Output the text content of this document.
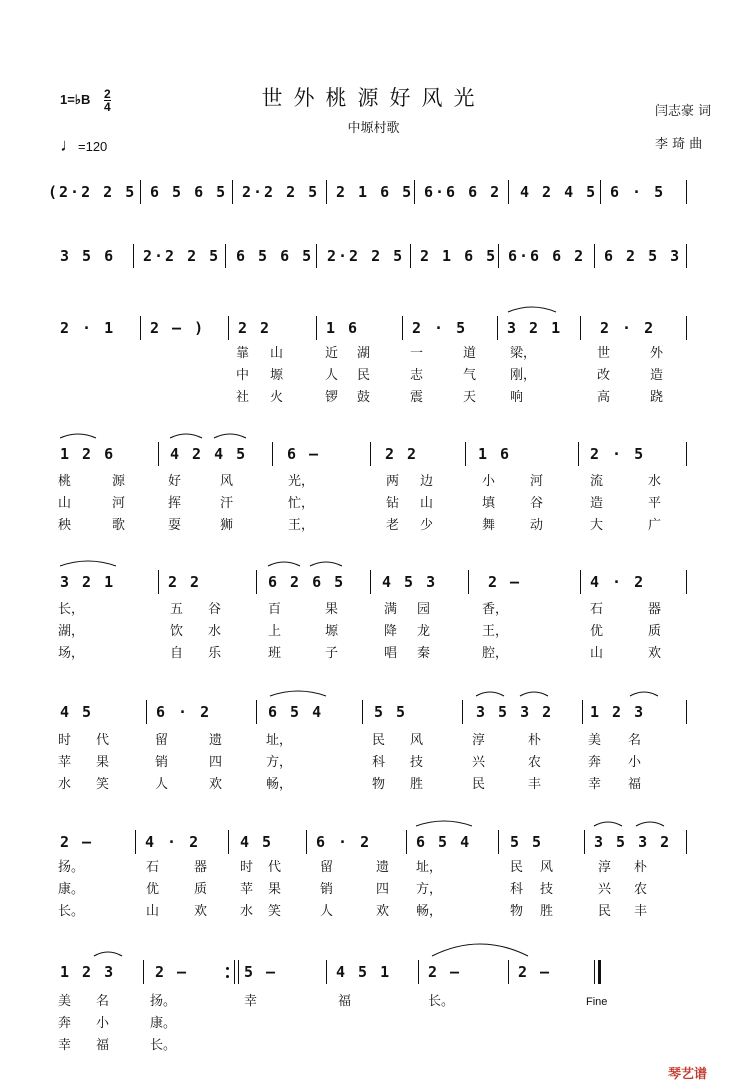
世外桃源好风光
中塬村歌
1=♭B 2
4
♩=120
闫志豪 词
李 琦 曲
(2·2 2 5 6 5 6 5 2·2 2 5 2 1 6 5 6·6 6 2 4 2 4 5 6 · 5
3 5 6 2·2 2 5 6 5 6 5 2·2 2 5 2 1 6 5 6·6 6 2 6 2 5 3
2 · 1 2 – ) 2 2	1 6	2 · 5	3 2 1	2 · 2
靠 山	近 湖	一	道	梁，	世	外
中 塬	人 民	志	气	刚，	改	造
社 火	锣 鼓	震	天	响	高	跷
1 2 6	4 2 4 5	6 –	2 2	1 6	2 · 5
桃	源	好	风	光，	两 边	小	河	流	水
山	河	挥	汗	忙，	钻 山	填	谷	造	平
秧	歌	耍	狮	王，	老 少	舞	动	大	广
3 2 1	2 2	6 2 6 5 4 5 3	2 –	4 · 2
长，	五 谷	百	果	满 园	香，	石	器
湖，	饮 水	上	塬	降 龙	王，	优	质
场，	自 乐	班	子	唱 秦	腔，	山	欢
4 5	6 · 2	6 5 4	5 5	3 5 3 2 1 2 3
时 代	留	遗	址，	民 风	淳	朴	美 名
苹 果	销	四	方，	科 技	兴	农	奔 小
水 笑	人	欢	畅，	物 胜	民	丰	幸 福
2 –	4 · 2	4 5	6 · 2	6 5 4	5 5	3 5 3 2
扬。	石	器	时 代	留	遗 址，	民 风	淳 朴
康。	优	质	苹 果	销	四 方，	科 技	兴 农
长。	山	欢	水 笑	人	欢 畅，	物 胜	民 丰
1 2 3	2 –	5 –	4 5 1 2 –	2 –
美 名	扬。	幸	福	长。	Fine
奔 小	康。
幸 福	长。
琴艺谱
